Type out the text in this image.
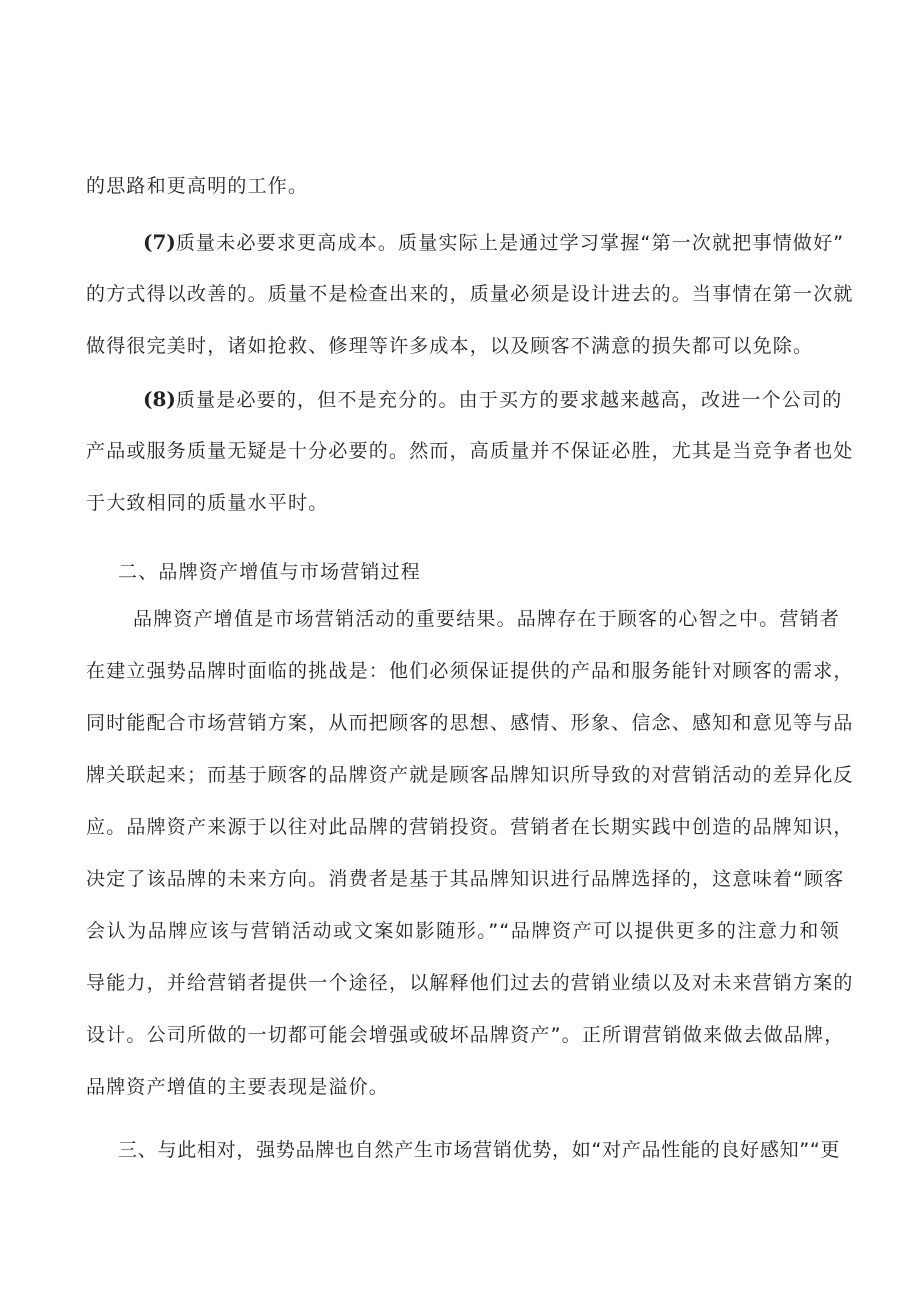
的思路和更高明的工作。
(7)质量未必要求更高成本。质量实际上是通过学习掌握“第一次就把事情做好”
的方式得以改善的。质量不是检查出来的，质量必须是设计进去的。当事情在第一次就
做得很完美时，诸如抢救、修理等许多成本，以及顾客不满意的损失都可以免除。
(8)质量是必要的，但不是充分的。由于买方的要求越来越高，改进一个公司的
产品或服务质量无疑是十分必要的。然而，高质量并不保证必胜，尤其是当竞争者也处
于大致相同的质量水平时。
二、品牌资产增值与市场营销过程
品牌资产增值是市场营销活动的重要结果。品牌存在于顾客的心智之中。营销者
在建立强势品牌时面临的挑战是：他们必须保证提供的产品和服务能针对顾客的需求，
同时能配合市场营销方案，从而把顾客的思想、感情、形象、信念、感知和意见等与品
牌关联起来；而基于顾客的品牌资产就是顾客品牌知识所导致的对营销活动的差异化反
应。品牌资产来源于以往对此品牌的营销投资。营销者在长期实践中创造的品牌知识，
决定了该品牌的未来方向。消费者是基于其品牌知识进行品牌选择的，这意味着“顾客
会认为品牌应该与营销活动或文案如影随形。”“品牌资产可以提供更多的注意力和领
导能力，并给营销者提供一个途径，以解释他们过去的营销业绩以及对未来营销方案的
设计。公司所做的一切都可能会增强或破坏品牌资产”。正所谓营销做来做去做品牌，
品牌资产增值的主要表现是溢价。
三、与此相对，强势品牌也自然产生市场营销优势，如“对产品性能的良好感知”“更
